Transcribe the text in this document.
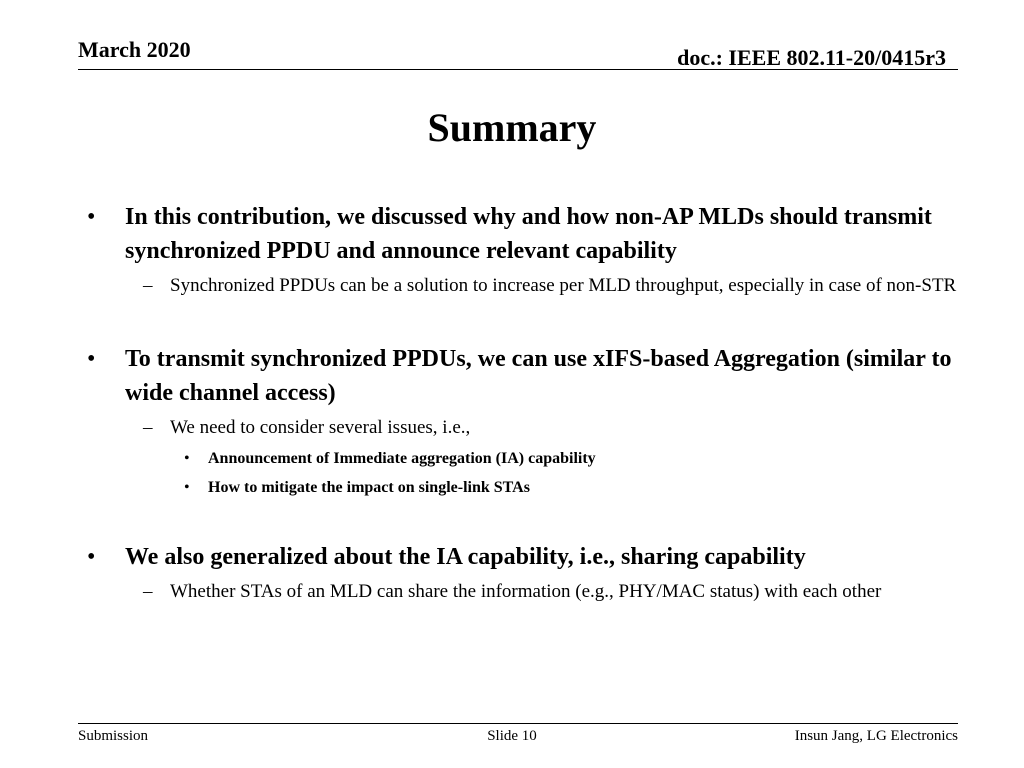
March 2020	doc.: IEEE 802.11-20/0415r3
Summary
• In this contribution, we discussed why and how non-AP MLDs should transmit synchronized PPDU and announce relevant capability
– Synchronized PPDUs can be a solution to increase per MLD throughput, especially in case of non-STR
• To transmit synchronized PPDUs, we can use xIFS-based Aggregation (similar to wide channel access)
– We need to consider several issues, i.e.,
• Announcement of Immediate aggregation (IA) capability
• How to mitigate the impact on single-link STAs
• We also generalized about the IA capability, i.e., sharing capability
– Whether STAs of an MLD can share the information (e.g., PHY/MAC status) with each other
Submission	Slide 10	Insun Jang, LG Electronics
